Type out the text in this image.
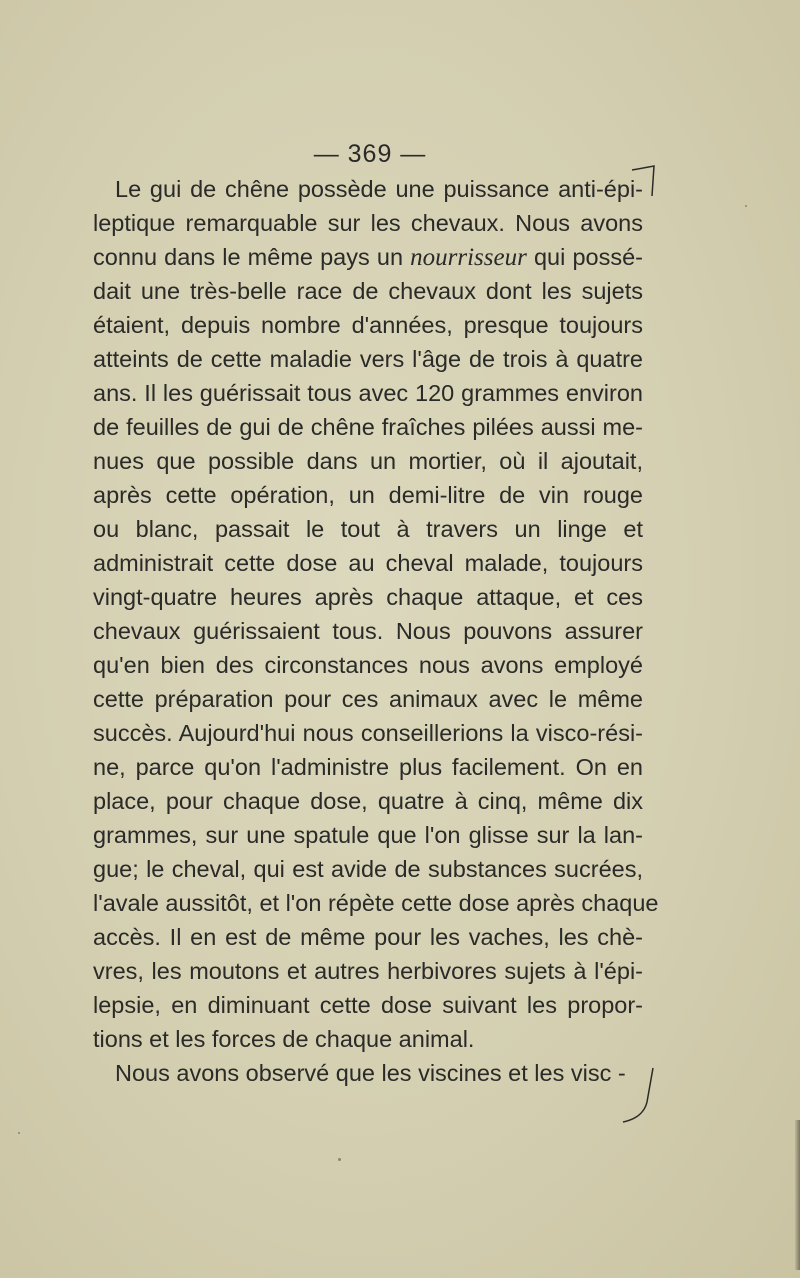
— 369 —
Le gui de chêne possède une puissance anti-épi-
leptique remarquable sur les chevaux. Nous avons
connu dans le même pays un nourrisseur qui possé-
dait une très-belle race de chevaux dont les sujets
étaient, depuis nombre d'années, presque toujours
atteints de cette maladie vers l'âge de trois à quatre
ans. Il les guérissait tous avec 120 grammes environ
de feuilles de gui de chêne fraîches pilées aussi me-
nues que possible dans un mortier, où il ajoutait,
après cette opération, un demi-litre de vin rouge
ou blanc, passait le tout à travers un linge et
administrait cette dose au cheval malade, toujours
vingt-quatre heures après chaque attaque, et ces
chevaux guérissaient tous. Nous pouvons assurer
qu'en bien des circonstances nous avons employé
cette préparation pour ces animaux avec le même
succès. Aujourd'hui nous conseillerions la visco-rési-
ne, parce qu'on l'administre plus facilement. On en
place, pour chaque dose, quatre à cinq, même dix
grammes, sur une spatule que l'on glisse sur la lan-
gue; le cheval, qui est avide de substances sucrées,
l'avale aussitôt, et l'on répète cette dose après chaque
accès. Il en est de même pour les vaches, les chè-
vres, les moutons et autres herbivores sujets à l'épi-
lepsie, en diminuant cette dose suivant les propor-
tions et les forces de chaque animal.
Nous avons observé que les viscines et les visc -
